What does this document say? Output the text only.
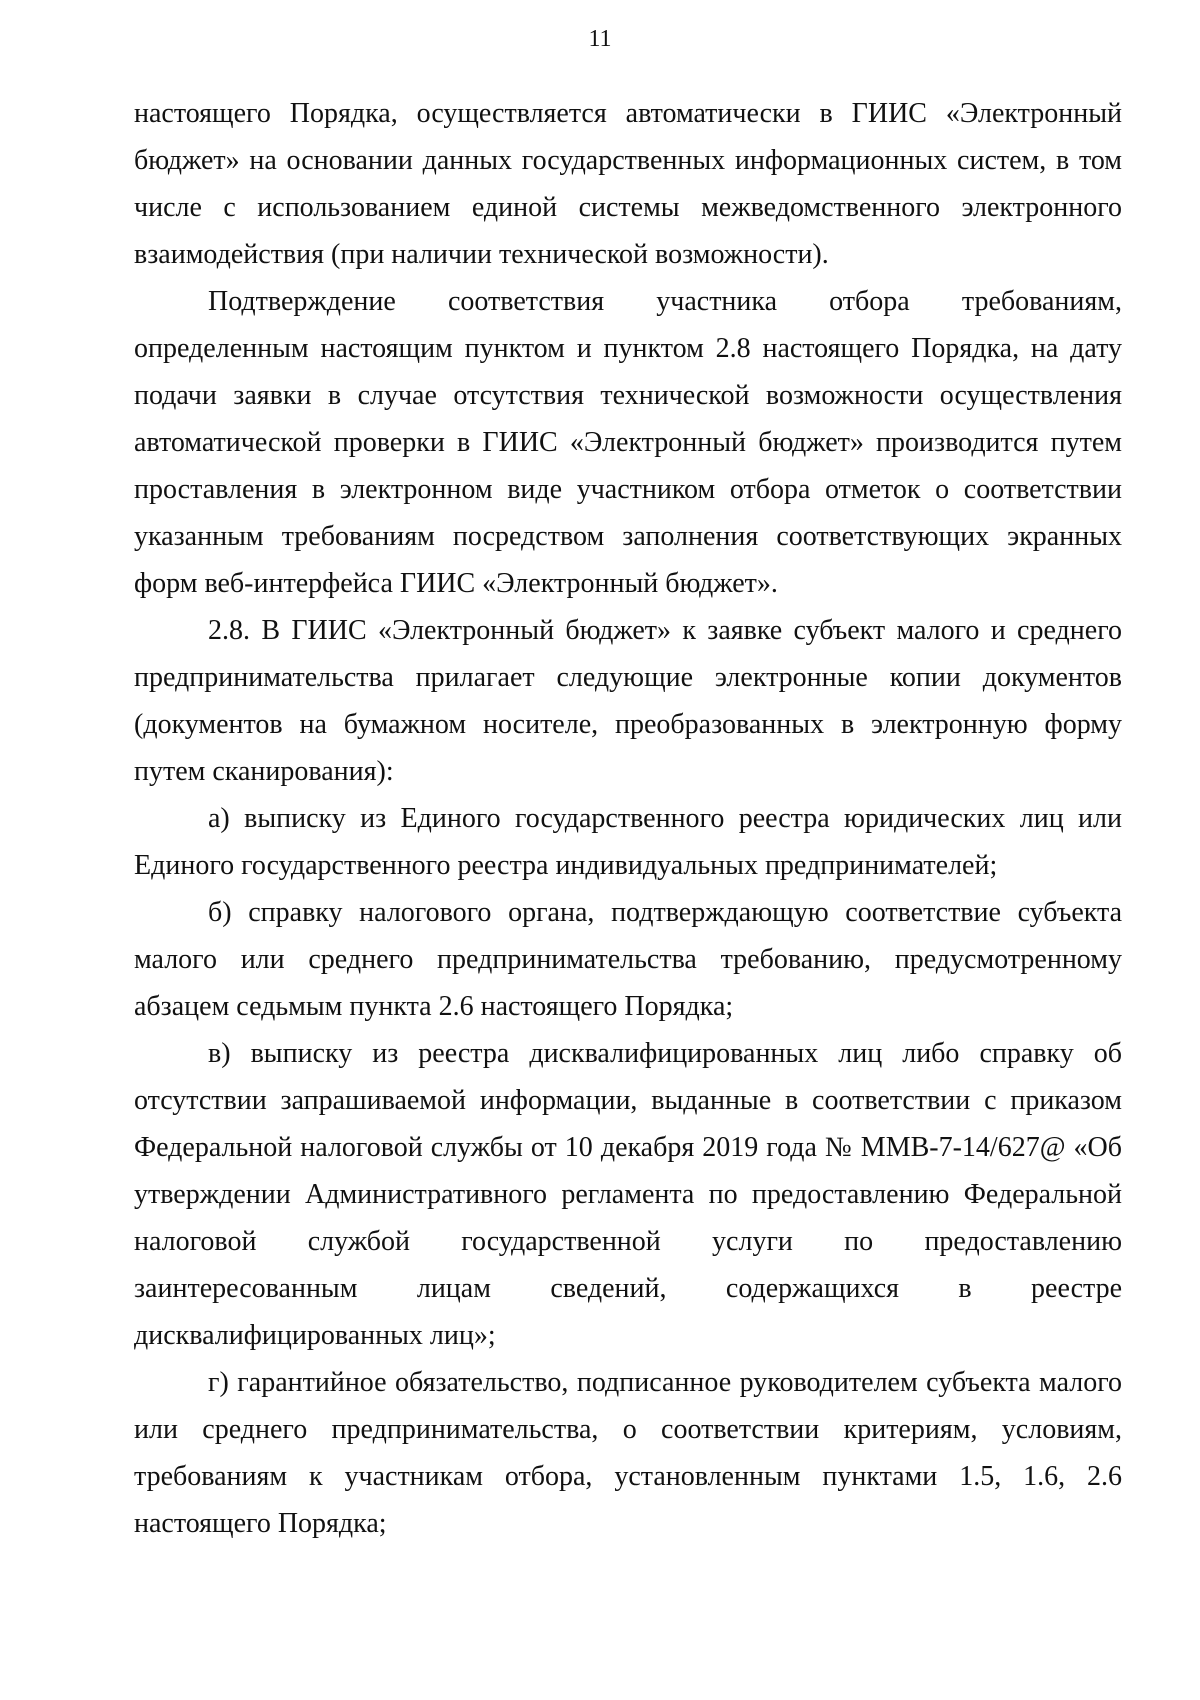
11

настоящего Порядка, осуществляется автоматически в ГИИС «Электронный бюджет» на основании данных государственных информационных систем, в том числе с использованием единой системы межведомственного электронного взаимодействия (при наличии технической возможности).

Подтверждение соответствия участника отбора требованиям, определенным настоящим пунктом и пунктом 2.8 настоящего Порядка, на дату подачи заявки в случае отсутствия технической возможности осуществления автоматической проверки в ГИИС «Электронный бюджет» производится путем проставления в электронном виде участником отбора отметок о соответствии указанным требованиям посредством заполнения соответствующих экранных форм веб-интерфейса ГИИС «Электронный бюджет».

2.8. В ГИИС «Электронный бюджет» к заявке субъект малого и среднего предпринимательства прилагает следующие электронные копии документов (документов на бумажном носителе, преобразованных в электронную форму путем сканирования):

а) выписку из Единого государственного реестра юридических лиц или Единого государственного реестра индивидуальных предпринимателей;

б) справку налогового органа, подтверждающую соответствие субъекта малого или среднего предпринимательства требованию, предусмотренному абзацем седьмым пункта 2.6 настоящего Порядка;

в) выписку из реестра дисквалифицированных лиц либо справку об отсутствии запрашиваемой информации, выданные в соответствии с приказом Федеральной налоговой службы от 10 декабря 2019 года № ММВ-7-14/627@ «Об утверждении Административного регламента по предоставлению Федеральной налоговой службой государственной услуги по предоставлению заинтересованным лицам сведений, содержащихся в реестре дисквалифицированных лиц»;

г) гарантийное обязательство, подписанное руководителем субъекта малого или среднего предпринимательства, о соответствии критериям, условиям, требованиям к участникам отбора, установленным пунктами 1.5, 1.6, 2.6 настоящего Порядка;
